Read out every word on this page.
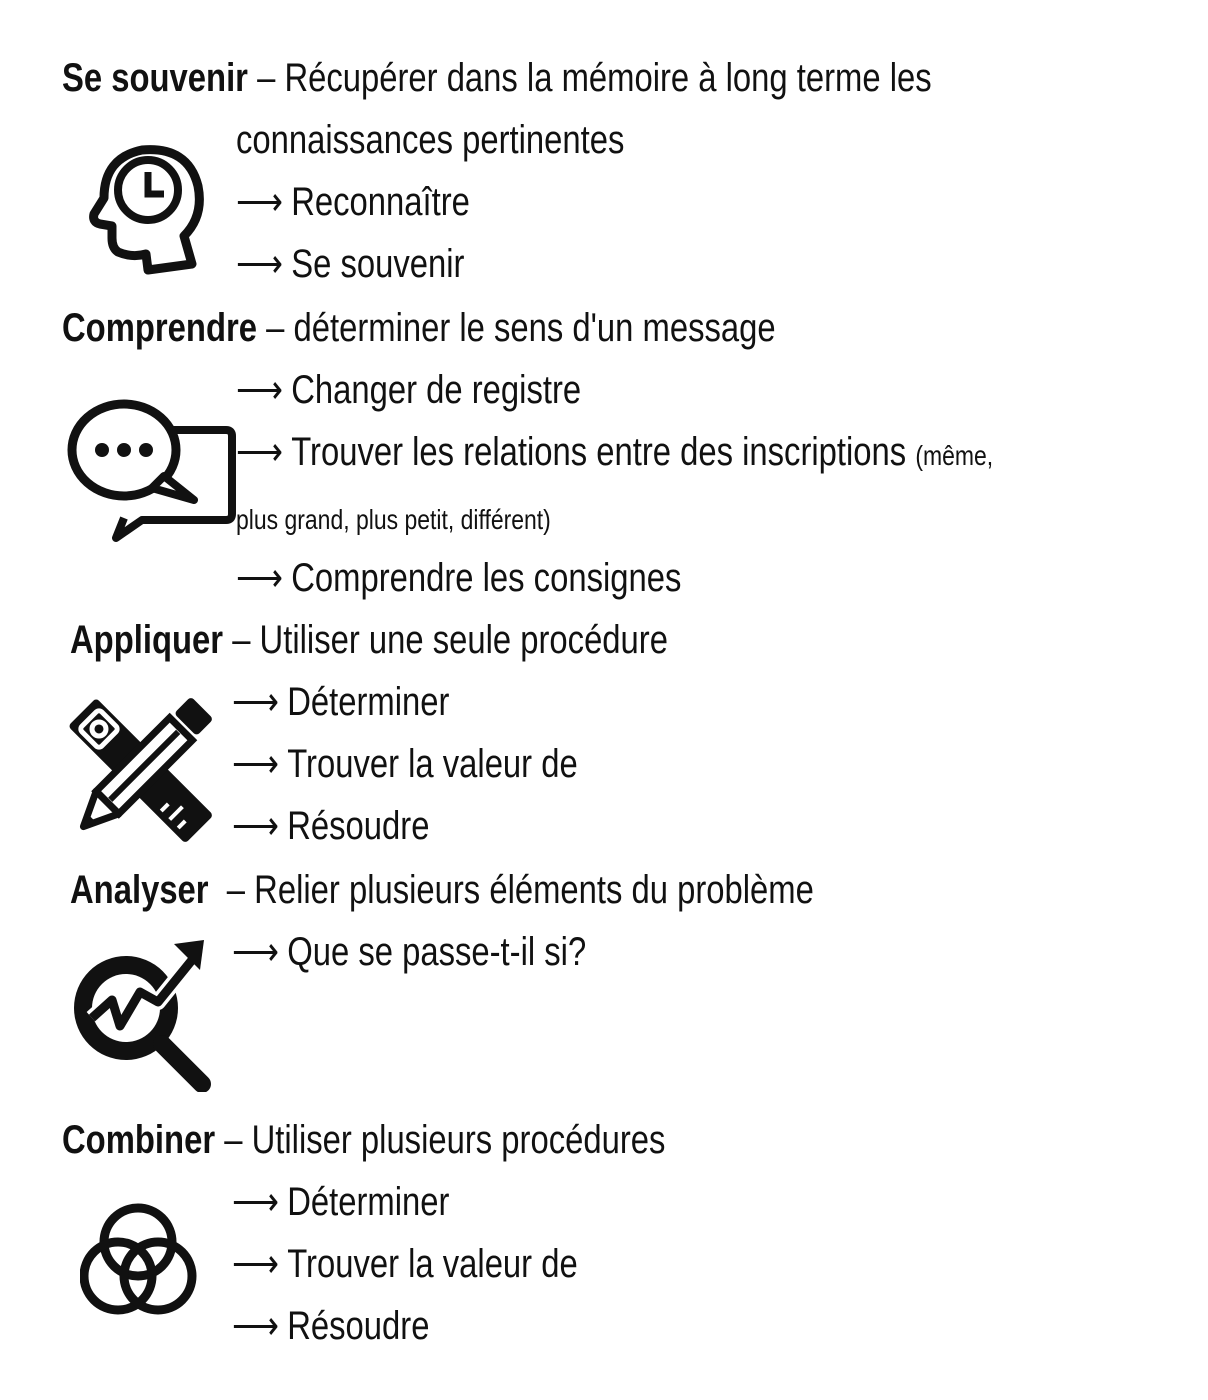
Se souvenir – Récupérer dans la mémoire à long terme les
connaissances pertinentes
⟶ Reconnaître
⟶ Se souvenir
Comprendre – déterminer le sens d'un message
⟶ Changer de registre
⟶ Trouver les relations entre des inscriptions (même,
plus grand, plus petit, différent)
⟶ Comprendre les consignes
Appliquer – Utiliser une seule procédure
⟶ Déterminer
⟶ Trouver la valeur de
⟶ Résoudre
Analyser – Relier plusieurs éléments du problème
⟶ Que se passe-t-il si?
Combiner – Utiliser plusieurs procédures
⟶ Déterminer
⟶ Trouver la valeur de
⟶ Résoudre
